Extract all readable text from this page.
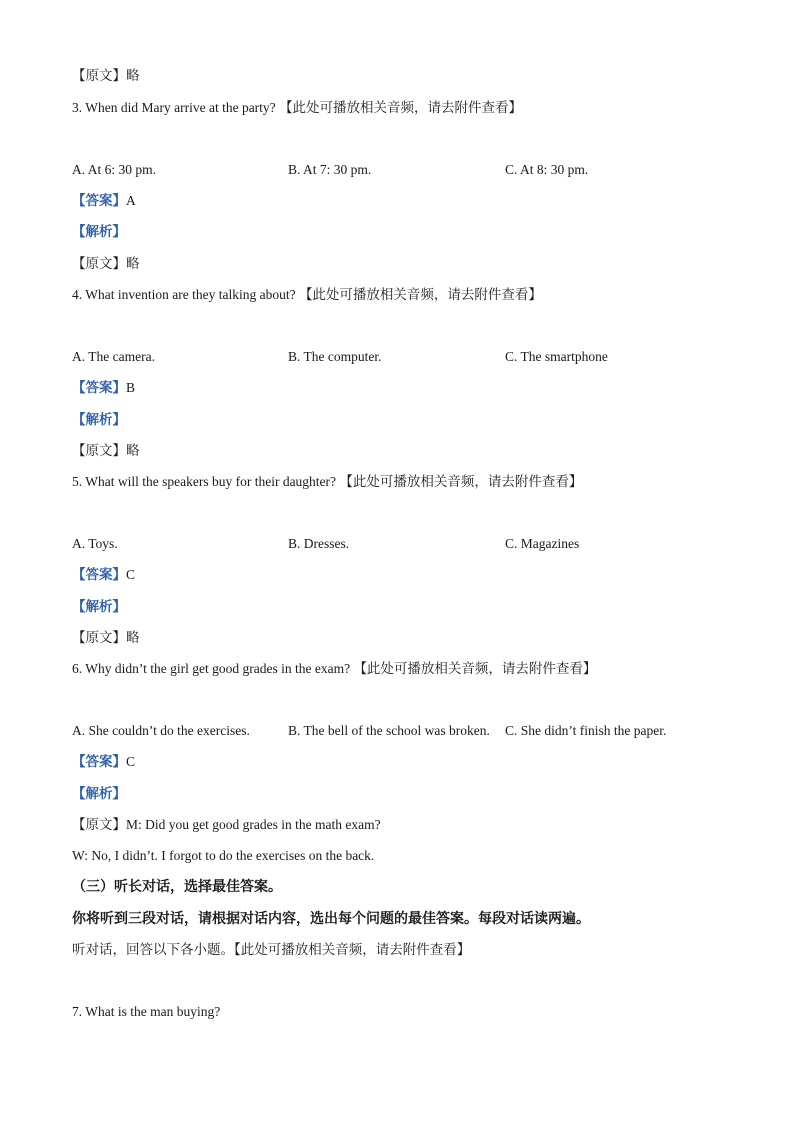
【原文】略
3. When did Mary arrive at the party? 【此处可播放相关音频，请去附件查看】
A. At 6: 30 pm.	B. At 7: 30 pm.	C. At 8: 30 pm.
【答案】A
【解析】
【原文】略
4. What invention are they talking about? 【此处可播放相关音频，请去附件查看】
A. The camera.	B. The computer.	C. The smartphone
【答案】B
【解析】
【原文】略
5. What will the speakers buy for their daughter? 【此处可播放相关音频，请去附件查看】
A. Toys.	B. Dresses.	C. Magazines
【答案】C
【解析】
【原文】略
6. Why didn’t the girl get good grades in the exam? 【此处可播放相关音频，请去附件查看】
A. She couldn’t do the exercises.	B. The bell of the school was broken. C. She didn’t finish the paper.
【答案】C
【解析】
【原文】M: Did you get good grades in the math exam?
W: No, I didn’t. I forgot to do the exercises on the back.
（三）听长对话，选择最佳答案。
你将听到三段对话，请根据对话内容，选出每个问题的最佳答案。每段对话读两遍。
听对话，回答以下各小题。【此处可播放相关音频，请去附件查看】
7. What is the man buying?
